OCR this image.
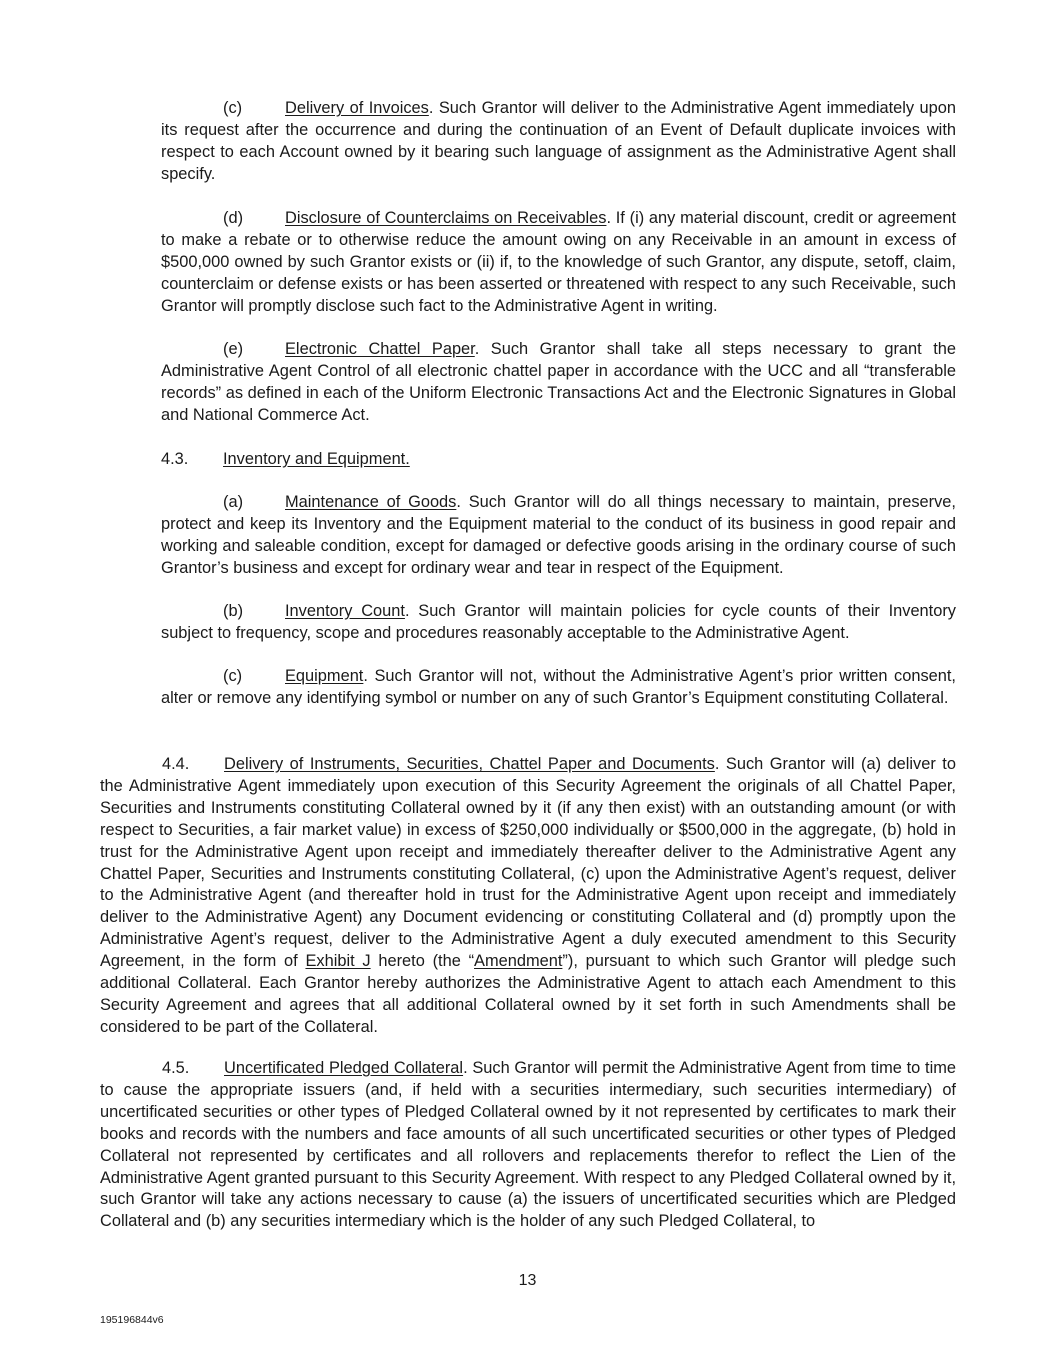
(c)	Delivery of Invoices. Such Grantor will deliver to the Administrative Agent immediately upon its request after the occurrence and during the continuation of an Event of Default duplicate invoices with respect to each Account owned by it bearing such language of assignment as the Administrative Agent shall specify.

(d)	Disclosure of Counterclaims on Receivables. If (i) any material discount, credit or agreement to make a rebate or to otherwise reduce the amount owing on any Receivable in an amount in excess of $500,000 owned by such Grantor exists or (ii) if, to the knowledge of such Grantor, any dispute, setoff, claim, counterclaim or defense exists or has been asserted or threatened with respect to any such Receivable, such Grantor will promptly disclose such fact to the Administrative Agent in writing.

(e)	Electronic Chattel Paper. Such Grantor shall take all steps necessary to grant the Administrative Agent Control of all electronic chattel paper in accordance with the UCC and all “transferable records” as defined in each of the Uniform Electronic Transactions Act and the Electronic Signatures in Global and National Commerce Act.

4.3. Inventory and Equipment.

(a)	Maintenance of Goods. Such Grantor will do all things necessary to maintain, preserve, protect and keep its Inventory and the Equipment material to the conduct of its business in good repair and working and saleable condition, except for damaged or defective goods arising in the ordinary course of such Grantor’s business and except for ordinary wear and tear in respect of the Equipment.

(b)	Inventory Count. Such Grantor will maintain policies for cycle counts of their Inventory subject to frequency, scope and procedures reasonably acceptable to the Administrative Agent.

(c)	Equipment. Such Grantor will not, without the Administrative Agent’s prior written consent, alter or remove any identifying symbol or number on any of such Grantor’s Equipment constituting Collateral.

4.4. Delivery of Instruments, Securities, Chattel Paper and Documents. Such Grantor will (a) deliver to the Administrative Agent immediately upon execution of this Security Agreement the originals of all Chattel Paper, Securities and Instruments constituting Collateral owned by it (if any then exist) with an outstanding amount (or with respect to Securities, a fair market value) in excess of $250,000 individually or $500,000 in the aggregate, (b) hold in trust for the Administrative Agent upon receipt and immediately thereafter deliver to the Administrative Agent any Chattel Paper, Securities and Instruments constituting Collateral, (c) upon the Administrative Agent’s request, deliver to the Administrative Agent (and thereafter hold in trust for the Administrative Agent upon receipt and immediately deliver to the Administrative Agent) any Document evidencing or constituting Collateral and (d) promptly upon the Administrative Agent’s request, deliver to the Administrative Agent a duly executed amendment to this Security Agreement, in the form of Exhibit J hereto (the “Amendment”), pursuant to which such Grantor will pledge such additional Collateral. Each Grantor hereby authorizes the Administrative Agent to attach each Amendment to this Security Agreement and agrees that all additional Collateral owned by it set forth in such Amendments shall be considered to be part of the Collateral.

4.5. Uncertificated Pledged Collateral. Such Grantor will permit the Administrative Agent from time to time to cause the appropriate issuers (and, if held with a securities intermediary, such securities intermediary) of uncertificated securities or other types of Pledged Collateral owned by it not represented by certificates to mark their books and records with the numbers and face amounts of all such uncertificated securities or other types of Pledged Collateral not represented by certificates and all rollovers and replacements therefor to reflect the Lien of the Administrative Agent granted pursuant to this Security Agreement. With respect to any Pledged Collateral owned by it, such Grantor will take any actions necessary to cause (a) the issuers of uncertificated securities which are Pledged Collateral and (b) any securities intermediary which is the holder of any such Pledged Collateral, to

13
195196844v6
